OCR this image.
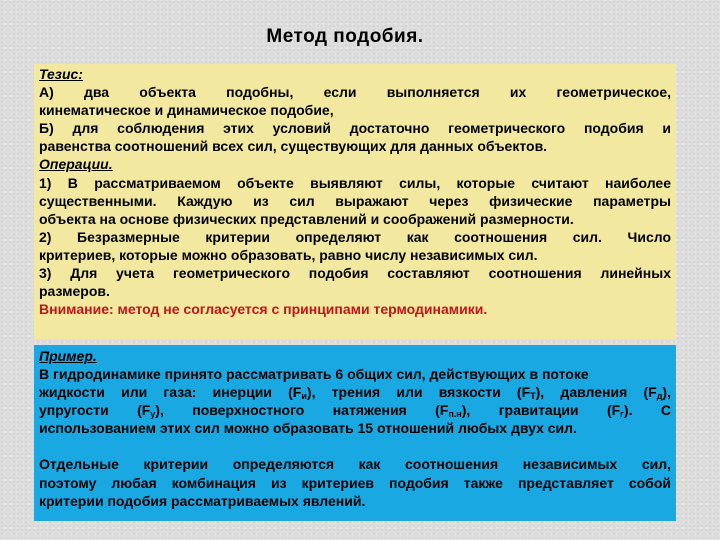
Метод подобия.
Тезис:
А) два объекта подобны, если выполняется их геометрическое,
кинематическое и динамическое подобие,
Б) для соблюдения этих условий достаточно геометрического подобия и
равенства соотношений всех сил, существующих для данных объектов.
Операции.
1) В рассматриваемом объекте выявляют силы, которые считают наиболее
существенными. Каждую из сил выражают через физические параметры
объекта на основе физических представлений и соображений размерности.
2) Безразмерные критерии определяют как соотношения сил. Число
критериев, которые можно образовать, равно числу независимых сил.
3) Для учета геометрического подобия составляют соотношения линейных
размеров.
Внимание: метод не согласуется с принципами термодинамики.
Пример.
В гидродинамике принято рассматривать 6 общих сил, действующих в потоке
жидкости или газа: инерции $(F_и)$, трения или вязкости $(F_Т)$, давления $(F_д)$,
упругости $(F_у)$, поверхностного натяжения $(F_{п.н})$, гравитации $(F_г)$. С
использованием этих сил можно образовать 15 отношений любых двух сил.
Отдельные критерии определяются как соотношения независимых сил,
поэтому любая комбинация из критериев подобия также представляет собой
критерии подобия рассматриваемых явлений.
